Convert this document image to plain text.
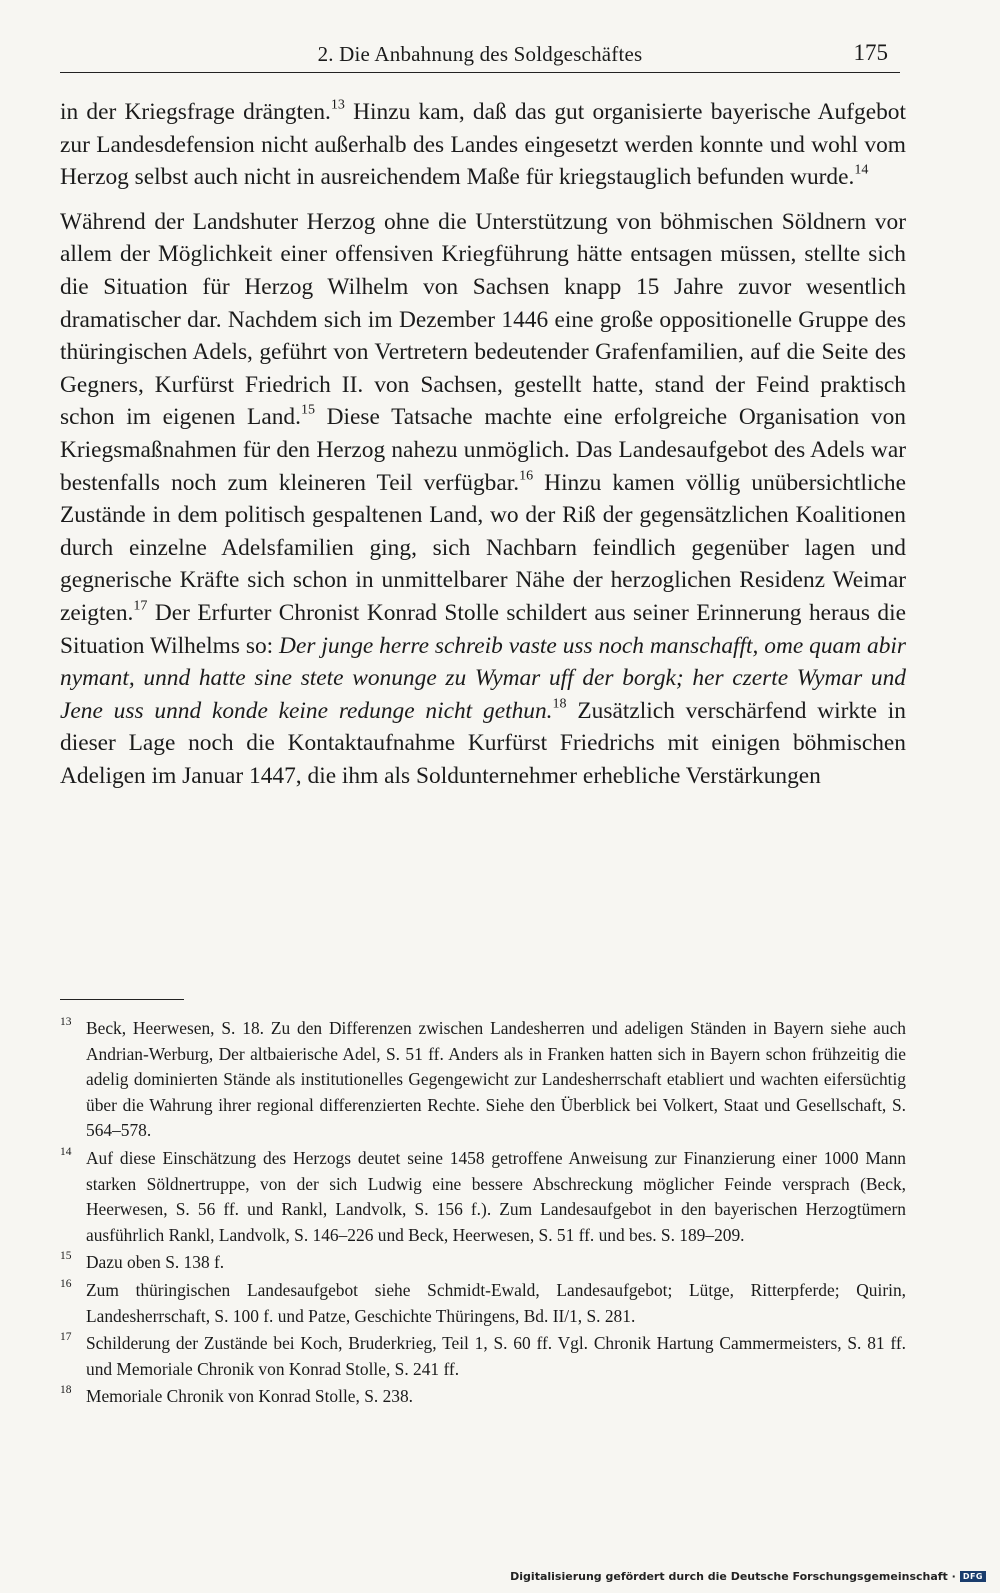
2. Die Anbahnung des Soldgeschäftes	175

in der Kriegsfrage drängten.$^{13}$ Hinzu kam, daß das gut organisierte bayerische Aufgebot zur Landesdefension nicht außerhalb des Landes eingesetzt werden konnte und wohl vom Herzog selbst auch nicht in ausreichendem Maße für kriegstauglich befunden wurde.$^{14}$

Während der Landshuter Herzog ohne die Unterstützung von böhmischen Söldnern vor allem der Möglichkeit einer offensiven Kriegführung hätte entsagen müssen, stellte sich die Situation für Herzog Wilhelm von Sachsen knapp 15 Jahre zuvor wesentlich dramatischer dar. Nachdem sich im Dezember 1446 eine große oppositionelle Gruppe des thüringischen Adels, geführt von Vertretern bedeutender Grafenfamilien, auf die Seite des Gegners, Kurfürst Friedrich II. von Sachsen, gestellt hatte, stand der Feind praktisch schon im eigenen Land.$^{15}$ Diese Tatsache machte eine erfolgreiche Organisation von Kriegsmaßnahmen für den Herzog nahezu unmöglich. Das Landesaufgebot des Adels war bestenfalls noch zum kleineren Teil verfügbar.$^{16}$ Hinzu kamen völlig unübersichtliche Zustände in dem politisch gespaltenen Land, wo der Riß der gegensätzlichen Koalitionen durch einzelne Adelsfamilien ging, sich Nachbarn feindlich gegenüber lagen und gegnerische Kräfte sich schon in unmittelbarer Nähe der herzoglichen Residenz Weimar zeigten.$^{17}$ Der Erfurter Chronist Konrad Stolle schildert aus seiner Erinnerung heraus die Situation Wilhelms so: Der junge herre schreib vaste uss noch manschafft, ome quam abir nymant, unnd hatte sine stete wonunge zu Wymar uff der borgk; her czerte Wymar und Jene uss unnd konde keine redunge nicht gethun.$^{18}$ Zusätzlich verschärfend wirkte in dieser Lage noch die Kontaktaufnahme Kurfürst Friedrichs mit einigen böhmischen Adeligen im Januar 1447, die ihm als Soldunternehmer erhebliche Verstärkungen

13 Beck, Heerwesen, S. 18. Zu den Differenzen zwischen Landesherren und adeligen Ständen in Bayern siehe auch Andrian-Werburg, Der altbaierische Adel, S. 51 ff. Anders als in Franken hatten sich in Bayern schon frühzeitig die adelig dominierten Stände als institutionelles Gegengewicht zur Landesherrschaft etabliert und wachten eifersüchtig über die Wahrung ihrer regional differenzierten Rechte. Siehe den Überblick bei Volkert, Staat und Gesellschaft, S. 564–578.
14 Auf diese Einschätzung des Herzogs deutet seine 1458 getroffene Anweisung zur Finanzierung einer 1000 Mann starken Söldnertruppe, von der sich Ludwig eine bessere Abschreckung möglicher Feinde versprach (Beck, Heerwesen, S. 56 ff. und Rankl, Landvolk, S. 156 f.). Zum Landesaufgebot in den bayerischen Herzogtümern ausführlich Rankl, Landvolk, S. 146–226 und Beck, Heerwesen, S. 51 ff. und bes. S. 189–209.
15 Dazu oben S. 138 f.
16 Zum thüringischen Landesaufgebot siehe Schmidt-Ewald, Landesaufgebot; Lütge, Ritterpferde; Quirin, Landesherrschaft, S. 100 f. und Patze, Geschichte Thüringens, Bd. II/1, S. 281.
17 Schilderung der Zustände bei Koch, Bruderkrieg, Teil 1, S. 60 ff. Vgl. Chronik Hartung Cammermeisters, S. 81 ff. und Memoriale Chronik von Konrad Stolle, S. 241 ff.
18 Memoriale Chronik von Konrad Stolle, S. 238.
Digitalisierung gefördert durch die Deutsche Forschungsgemeinschaft · DFG
